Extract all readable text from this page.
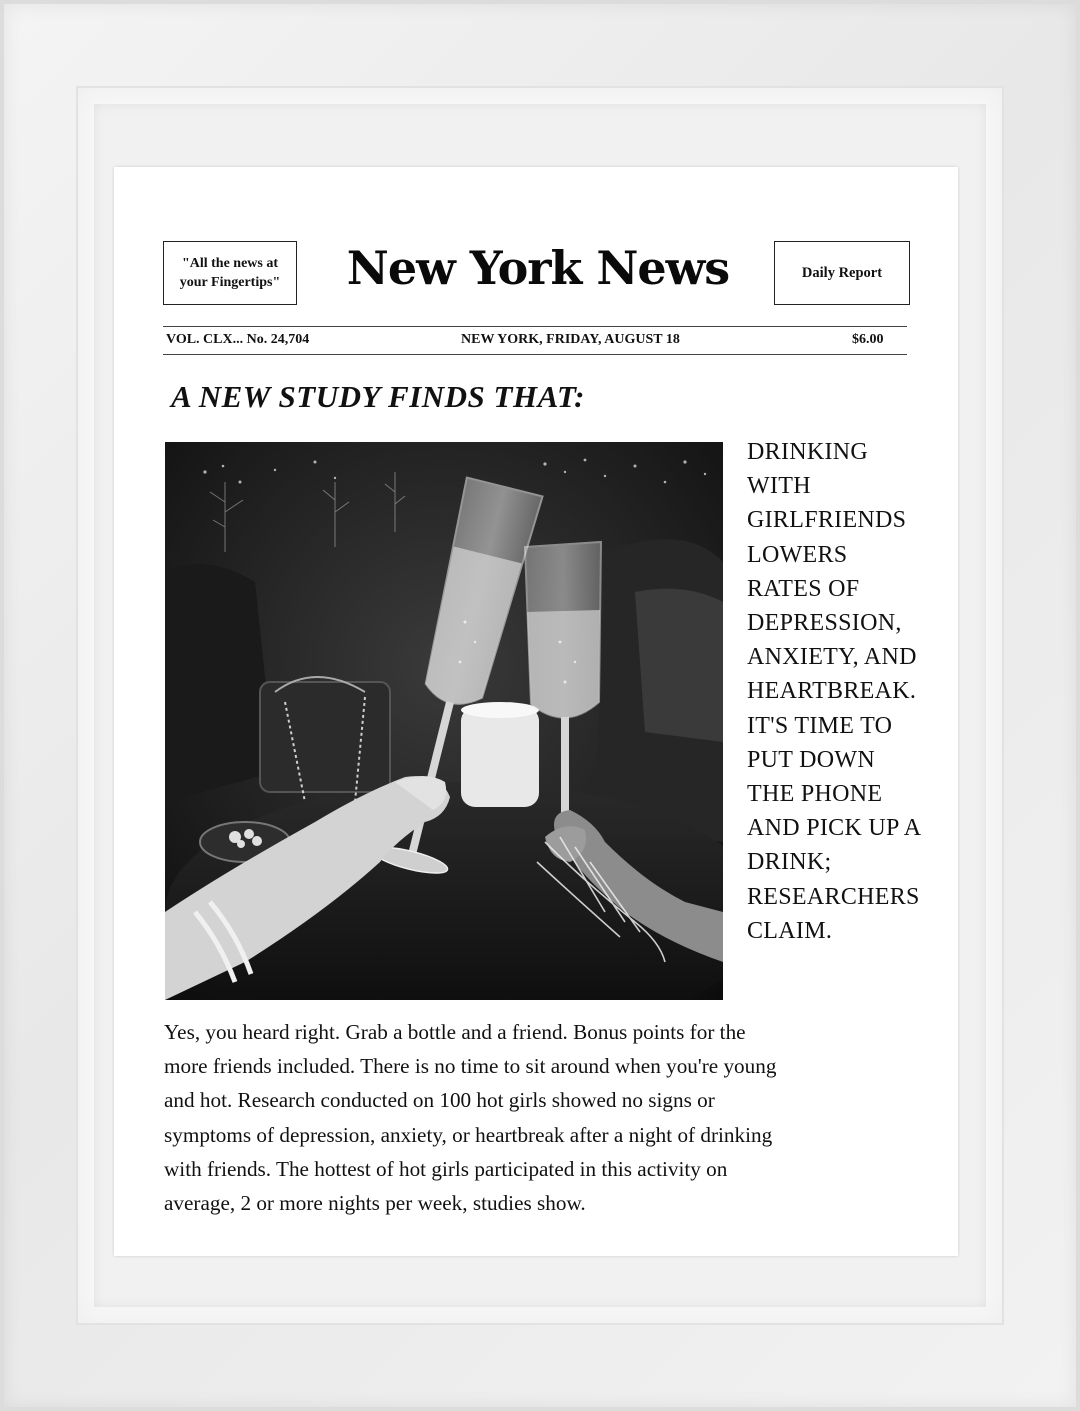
"All the news at
your Fingertips"	New York News	Daily Report
VOL. CLX... No. 24,704	NEW YORK, FRIDAY, AUGUST 18	$6.00
A NEW STUDY FINDS THAT:
DRINKING
WITH
GIRLFRIENDS
LOWERS
RATES OF
DEPRESSION,
ANXIETY, AND
HEARTBREAK.
IT'S TIME TO
PUT DOWN
THE PHONE
AND PICK UP A
DRINK;
RESEARCHERS
CLAIM.
Yes, you heard right. Grab a bottle and a friend. Bonus points for the
more friends included. There is no time to sit around when you're young
and hot. Research conducted on 100 hot girls showed no signs or
symptoms of depression, anxiety, or heartbreak after a night of drinking
with friends. The hottest of hot girls participated in this activity on
average, 2 or more nights per week, studies show.
